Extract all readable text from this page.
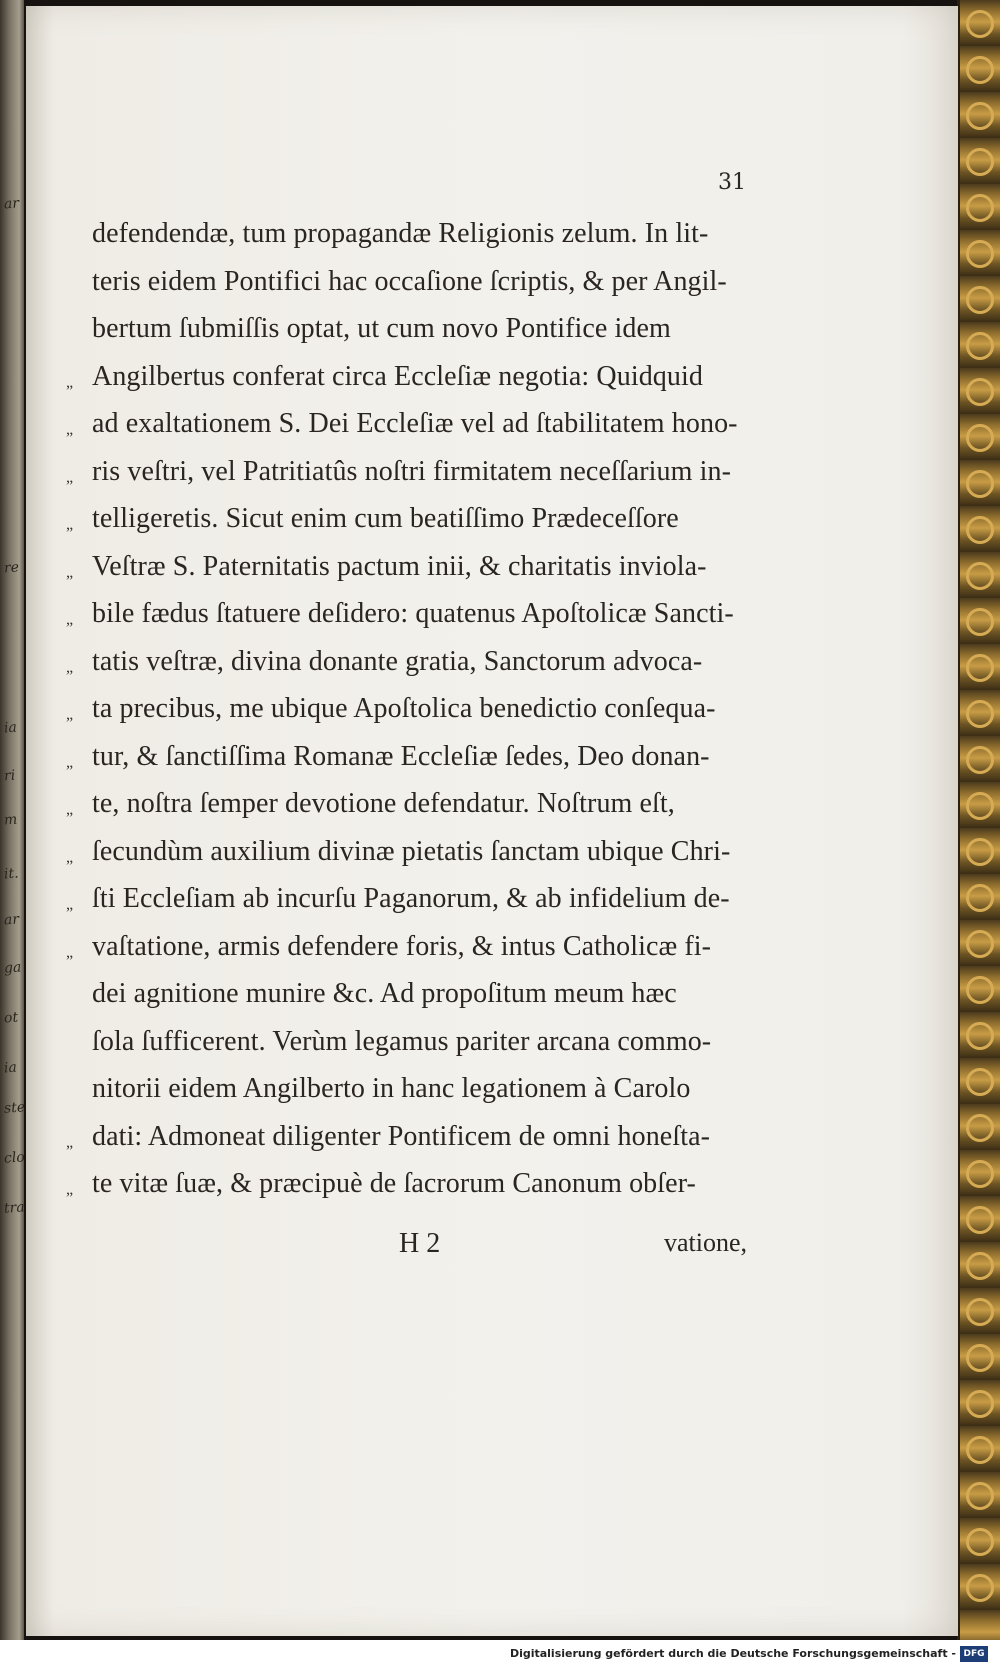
ar
re
ia
ri
m
it.
ar
ga
ot
ia
ste
clo
tra
31
defendendæ, tum propagandæ Religionis zelum. In lit-
teris eidem Pontifici hac occaſione ſcriptis, & per Angil-
bertum ſubmiſſis optat, ut cum novo Pontifice idem
„ Angilbertus conferat circa Eccleſiæ negotia: Quidquid
„ ad exaltationem S. Dei Eccleſiæ vel ad ſtabilitatem hono-
„ ris veſtri, vel Patritiatûs noſtri firmitatem neceſſarium in-
„ telligeretis. Sicut enim cum beatiſſimo Prædeceſſore
„ Veſtræ S. Paternitatis pactum inii, & charitatis inviola-
„ bile fædus ſtatuere deſidero: quatenus Apoſtolicæ Sancti-
„ tatis veſtræ, divina donante gratia, Sanctorum advoca-
„ ta precibus, me ubique Apoſtolica benedictio conſequa-
„ tur, & ſanctiſſima Romanæ Eccleſiæ ſedes, Deo donan-
„ te, noſtra ſemper devotione defendatur. Noſtrum eſt,
„ ſecundùm auxilium divinæ pietatis ſanctam ubique Chri-
„ ſti Eccleſiam ab incurſu Paganorum, & ab infidelium de-
„ vaſtatione, armis defendere foris, & intus Catholicæ fi-
dei agnitione munire &c. Ad propoſitum meum hæc
ſola ſufficerent. Verùm legamus pariter arcana commo-
nitorii eidem Angilberto in hanc legationem à Carolo
„ dati: Admoneat diligenter Pontificem de omni honeſta-
„ te vitæ ſuæ, & præcipuè de ſacrorum Canonum obſer-
H 2	vatione,
Digitalisierung gefördert durch die Deutsche Forschungsgemeinschaft - DFG
